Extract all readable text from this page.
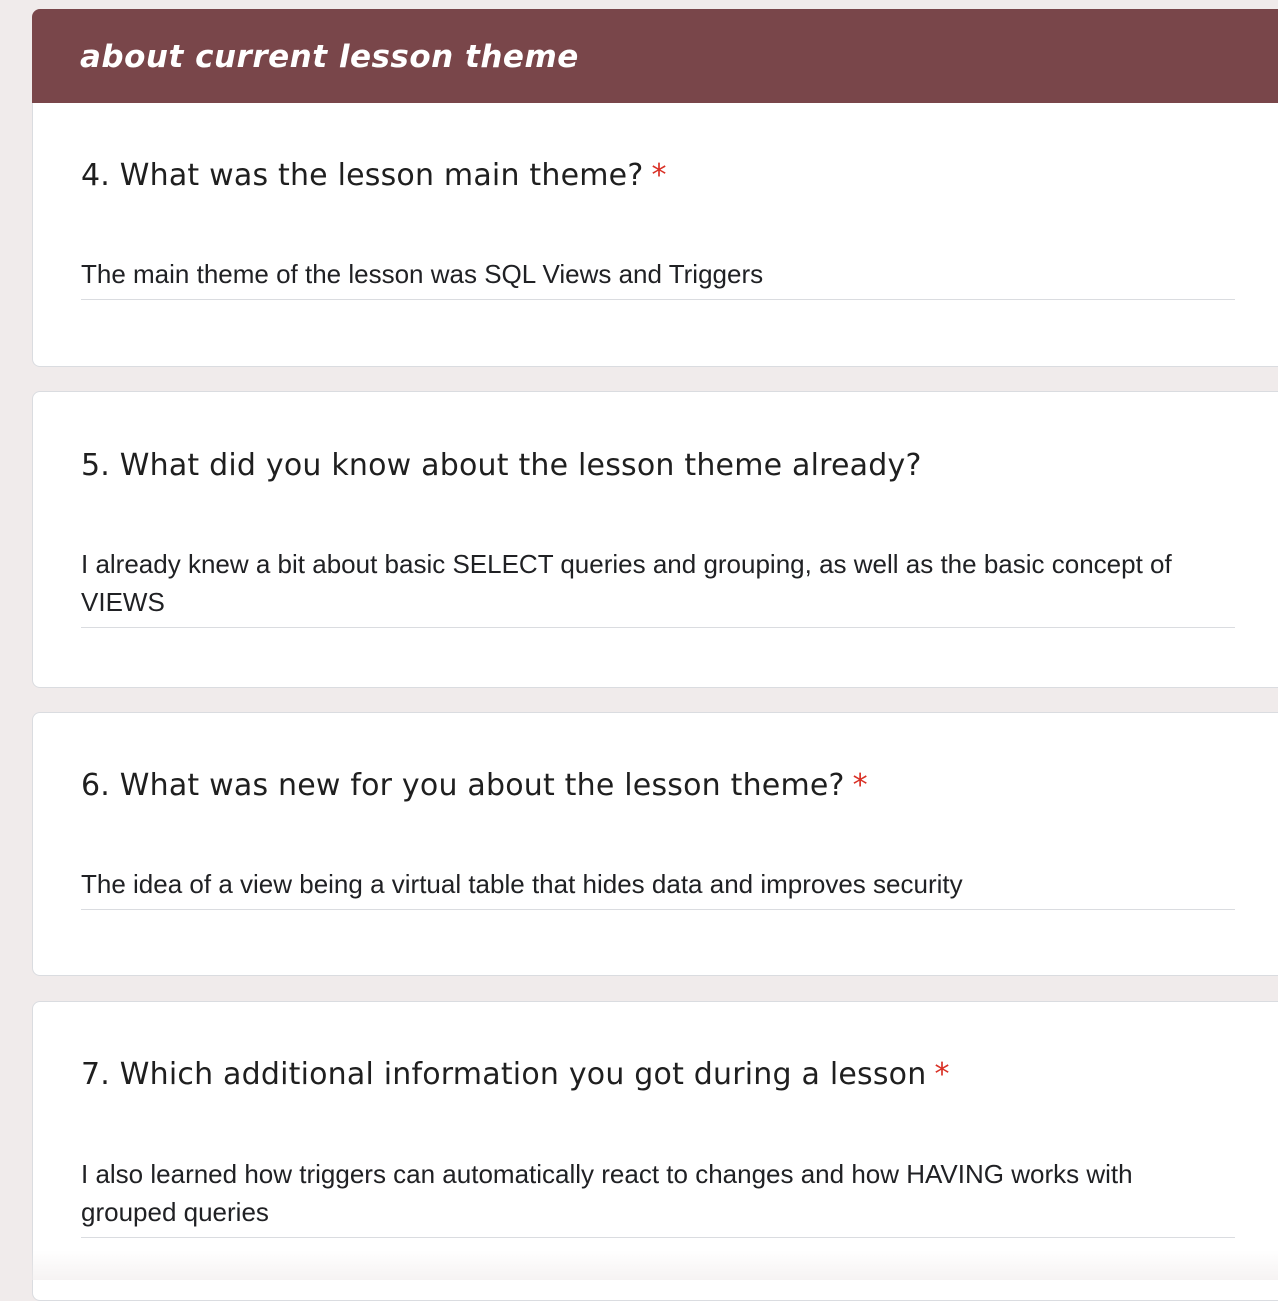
about current lesson theme
4. What was the lesson main theme? *
The main theme of the lesson was SQL Views and Triggers
5. What did you know about the lesson theme already?
I already knew a bit about basic SELECT queries and grouping, as well as the basic concept of VIEWS
6. What was new for you about the lesson theme? *
The idea of a view being a virtual table that hides data and improves security
7. Which additional information you got during a lesson *
I also learned how triggers can automatically react to changes and how HAVING works with grouped queries
